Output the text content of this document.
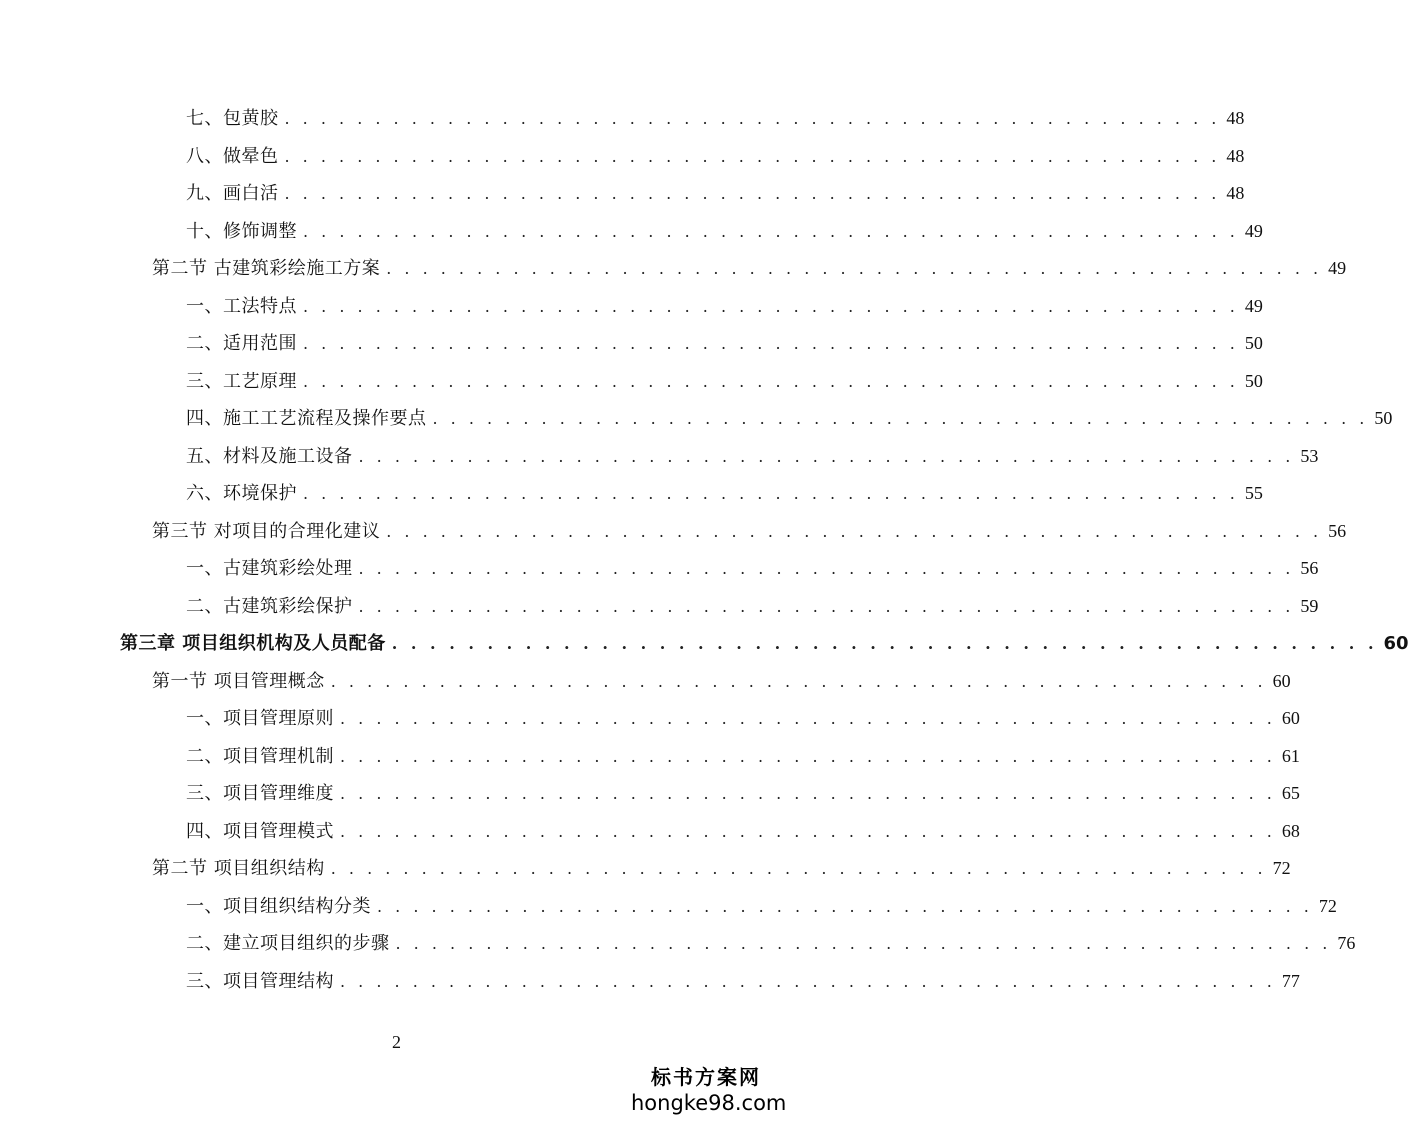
七、包黄胶 . . . . . . . . . . . . . . . . . . . . . . . . . . . . . . . . . . . . . . . . . . . . . . . . . . . . 48
八、做晕色 . . . . . . . . . . . . . . . . . . . . . . . . . . . . . . . . . . . . . . . . . . . . . . . . . . . . 48
九、画白活 . . . . . . . . . . . . . . . . . . . . . . . . . . . . . . . . . . . . . . . . . . . . . . . . . . . . 48
十、修饰调整 . . . . . . . . . . . . . . . . . . . . . . . . . . . . . . . . . . . . . . . . . . . . . . . . . . . . 49
第二节 古建筑彩绘施工方案 . . . . . . . . . . . . . . . . . . . . . . . . . . . . . . . . . . . . . . . . . . . . . . . . . . . . 49
一、工法特点 . . . . . . . . . . . . . . . . . . . . . . . . . . . . . . . . . . . . . . . . . . . . . . . . . . . . 49
二、适用范围 . . . . . . . . . . . . . . . . . . . . . . . . . . . . . . . . . . . . . . . . . . . . . . . . . . . . 50
三、工艺原理 . . . . . . . . . . . . . . . . . . . . . . . . . . . . . . . . . . . . . . . . . . . . . . . . . . . . 50
四、施工工艺流程及操作要点 . . . . . . . . . . . . . . . . . . . . . . . . . . . . . . . . . . . . . . . . . . . . . . . . . . . . 50
五、材料及施工设备 . . . . . . . . . . . . . . . . . . . . . . . . . . . . . . . . . . . . . . . . . . . . . . . . . . . . 53
六、环境保护 . . . . . . . . . . . . . . . . . . . . . . . . . . . . . . . . . . . . . . . . . . . . . . . . . . . . 55
第三节 对项目的合理化建议 . . . . . . . . . . . . . . . . . . . . . . . . . . . . . . . . . . . . . . . . . . . . . . . . . . . . 56
一、古建筑彩绘处理 . . . . . . . . . . . . . . . . . . . . . . . . . . . . . . . . . . . . . . . . . . . . . . . . . . . . 56
二、古建筑彩绘保护 . . . . . . . . . . . . . . . . . . . . . . . . . . . . . . . . . . . . . . . . . . . . . . . . . . . . 59
第三章 项目组织机构及人员配备 . . . . . . . . . . . . . . . . . . . . . . . . . . . . . . . . . . . . . . . . . . . . . . . . . . . . 60
第一节 项目管理概念 . . . . . . . . . . . . . . . . . . . . . . . . . . . . . . . . . . . . . . . . . . . . . . . . . . . . 60
一、项目管理原则 . . . . . . . . . . . . . . . . . . . . . . . . . . . . . . . . . . . . . . . . . . . . . . . . . . . . 60
二、项目管理机制 . . . . . . . . . . . . . . . . . . . . . . . . . . . . . . . . . . . . . . . . . . . . . . . . . . . . 61
三、项目管理维度 . . . . . . . . . . . . . . . . . . . . . . . . . . . . . . . . . . . . . . . . . . . . . . . . . . . . 65
四、项目管理模式 . . . . . . . . . . . . . . . . . . . . . . . . . . . . . . . . . . . . . . . . . . . . . . . . . . . . 68
第二节 项目组织结构 . . . . . . . . . . . . . . . . . . . . . . . . . . . . . . . . . . . . . . . . . . . . . . . . . . . . 72
一、项目组织结构分类 . . . . . . . . . . . . . . . . . . . . . . . . . . . . . . . . . . . . . . . . . . . . . . . . . . . . 72
二、建立项目组织的步骤 . . . . . . . . . . . . . . . . . . . . . . . . . . . . . . . . . . . . . . . . . . . . . . . . . . . . 76
三、项目管理结构 . . . . . . . . . . . . . . . . . . . . . . . . . . . . . . . . . . . . . . . . . . . . . . . . . . . . 77
2
标书方案网
hongke98.com
